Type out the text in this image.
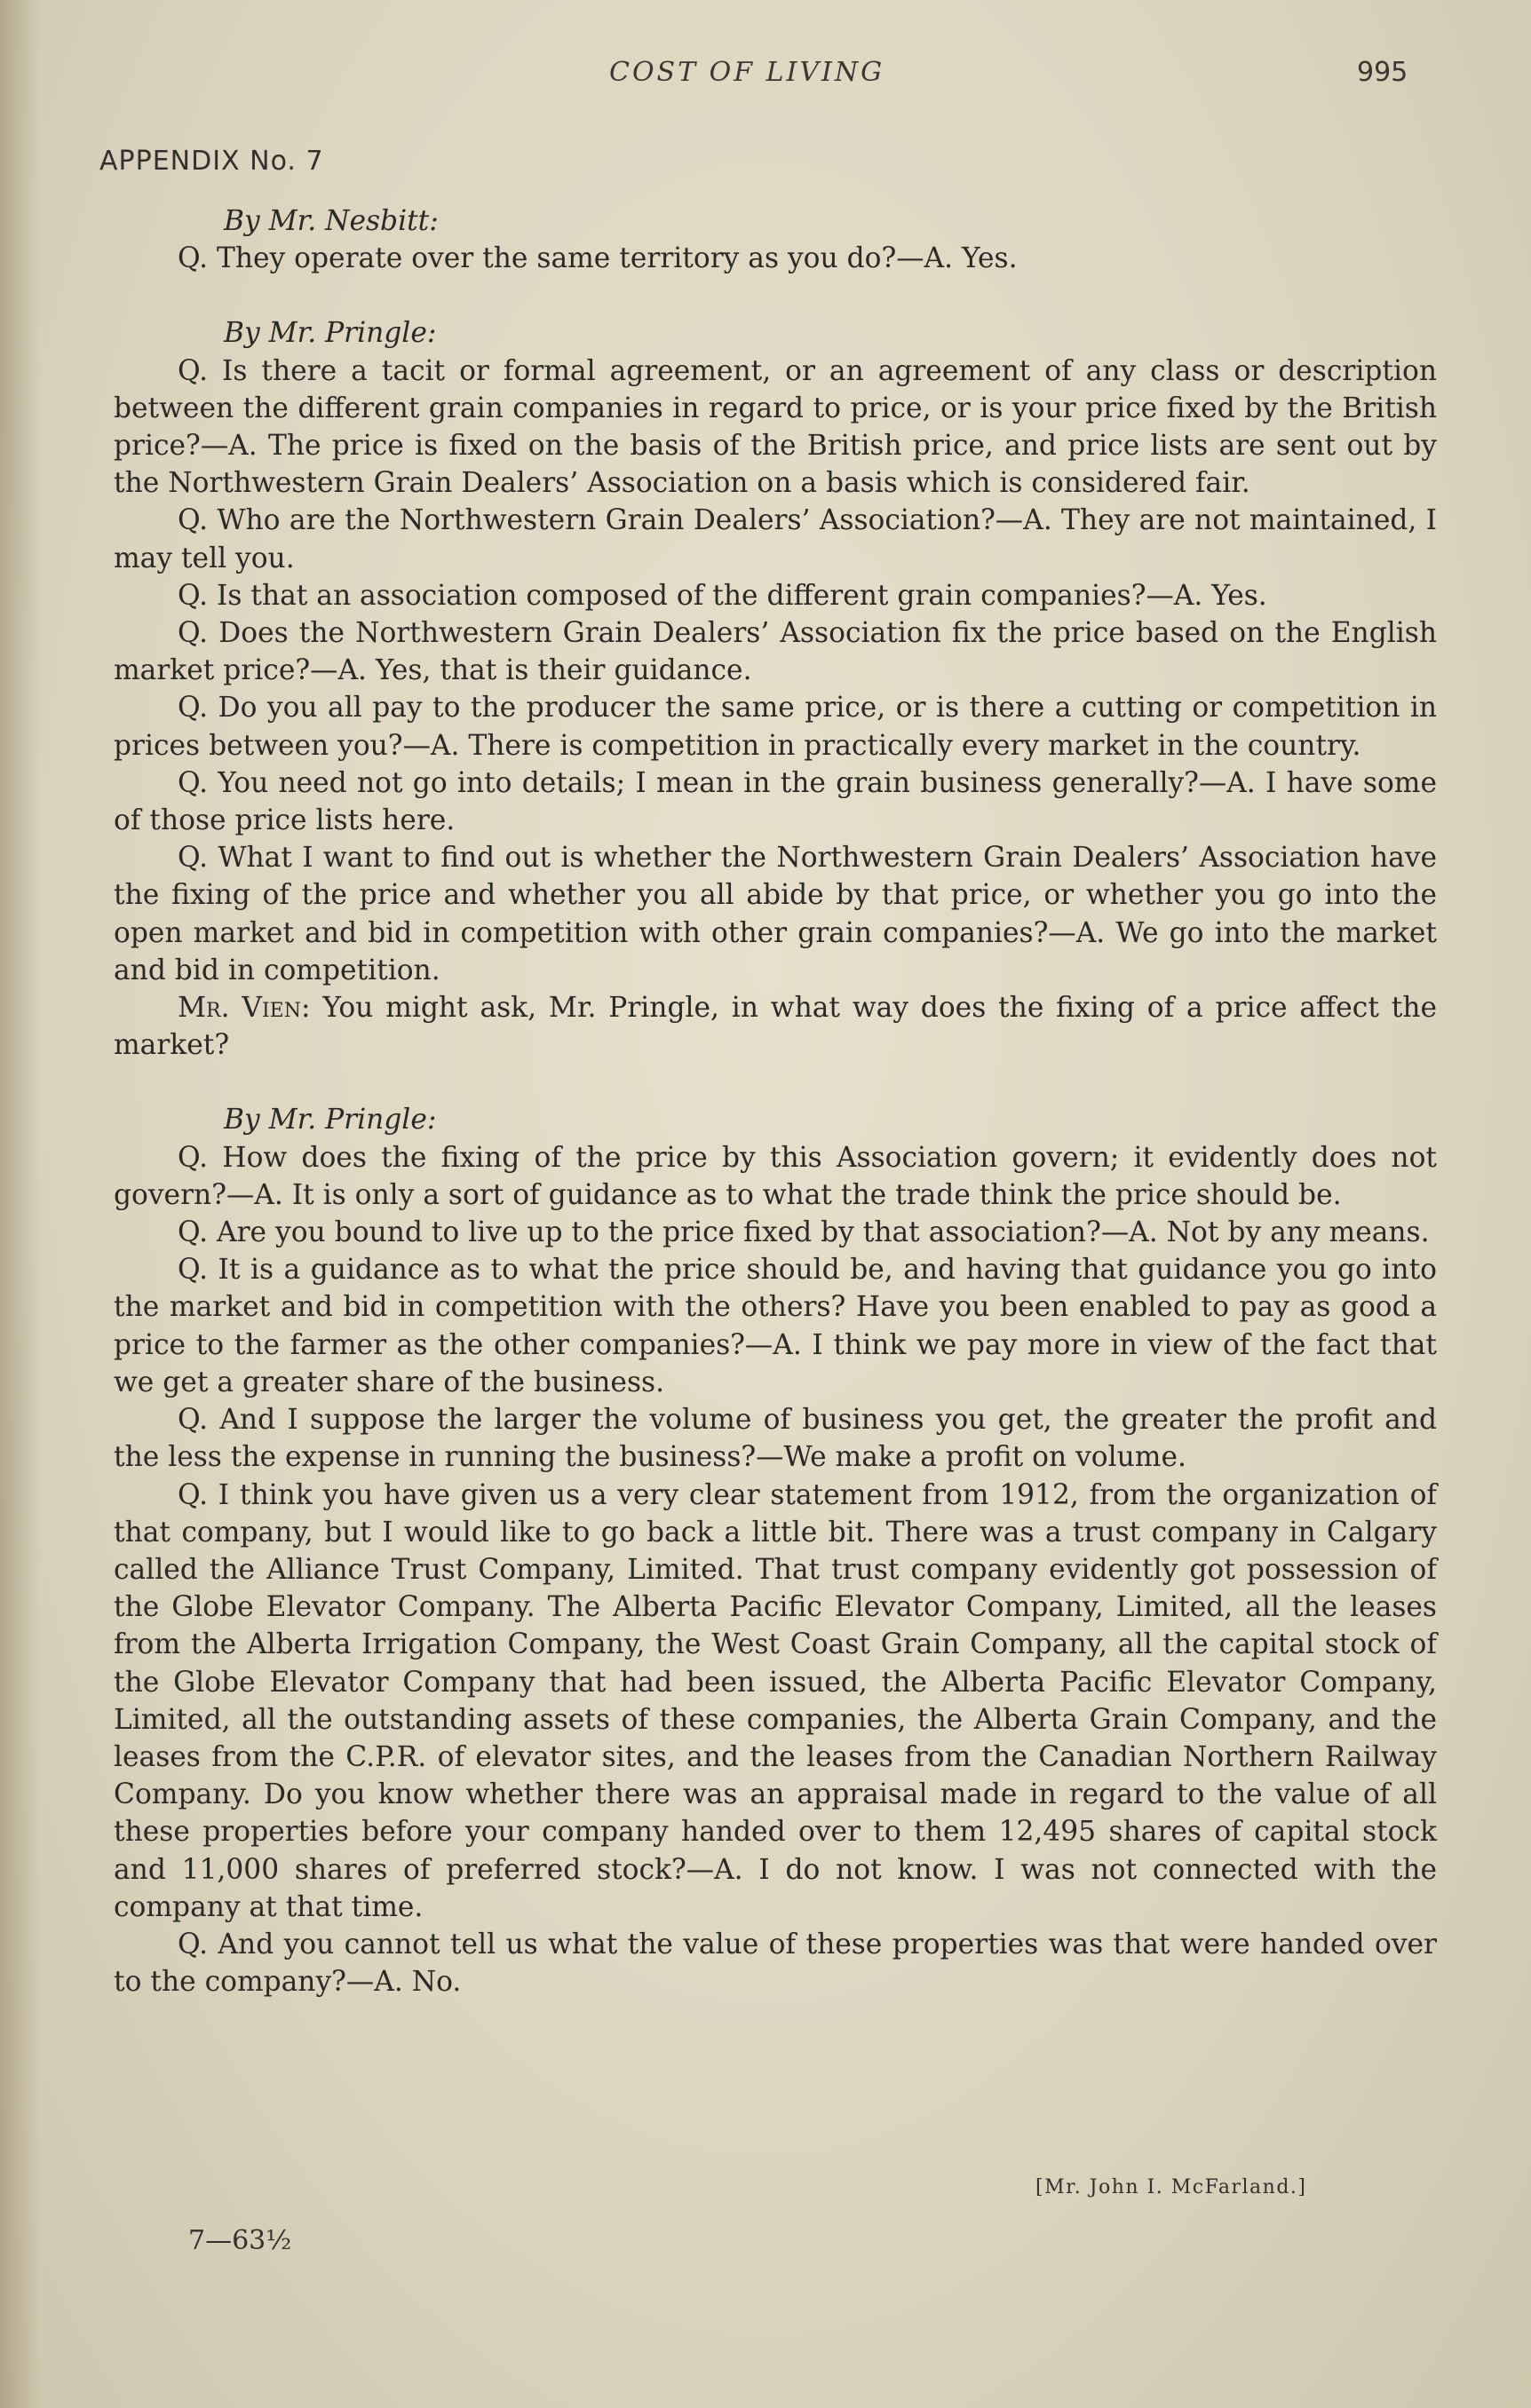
COST OF LIVING	995
APPENDIX No. 7

By Mr. Nesbitt:

Q. They operate over the same territory as you do?—A. Yes.

By Mr. Pringle:

Q. Is there a tacit or formal agreement, or an agreement of any class or description between the different grain companies in regard to price, or is your price fixed by the British price?—A. The price is fixed on the basis of the British price, and price lists are sent out by the Northwestern Grain Dealers’ Association on a basis which is considered fair.

Q. Who are the Northwestern Grain Dealers’ Association?—A. They are not maintained, I may tell you.

Q. Is that an association composed of the different grain companies?—A. Yes.

Q. Does the Northwestern Grain Dealers’ Association fix the price based on the English market price?—A. Yes, that is their guidance.

Q. Do you all pay to the producer the same price, or is there a cutting or competition in prices between you?—A. There is competition in practically every market in the country.

Q. You need not go into details; I mean in the grain business generally?—A. I have some of those price lists here.

Q. What I want to find out is whether the Northwestern Grain Dealers’ Association have the fixing of the price and whether you all abide by that price, or whether you go into the open market and bid in competition with other grain companies?—A. We go into the market and bid in competition.

Mr. Vien: You might ask, Mr. Pringle, in what way does the fixing of a price affect the market?

By Mr. Pringle:

Q. How does the fixing of the price by this Association govern; it evidently does not govern?—A. It is only a sort of guidance as to what the trade think the price should be.

Q. Are you bound to live up to the price fixed by that association?—A. Not by any means.

Q. It is a guidance as to what the price should be, and having that guidance you go into the market and bid in competition with the others? Have you been enabled to pay as good a price to the farmer as the other companies?—A. I think we pay more in view of the fact that we get a greater share of the business.

Q. And I suppose the larger the volume of business you get, the greater the profit and the less the expense in running the business?—We make a profit on volume.

Q. I think you have given us a very clear statement from 1912, from the organization of that company, but I would like to go back a little bit. There was a trust company in Calgary called the Alliance Trust Company, Limited. That trust company evidently got possession of the Globe Elevator Company. The Alberta Pacific Elevator Company, Limited, all the leases from the Alberta Irrigation Company, the West Coast Grain Company, all the capital stock of the Globe Elevator Company that had been issued, the Alberta Pacific Elevator Company, Limited, all the outstanding assets of these companies, the Alberta Grain Company, and the leases from the C.P.R. of elevator sites, and the leases from the Canadian Northern Railway Company. Do you know whether there was an appraisal made in regard to the value of all these properties before your company handed over to them 12,495 shares of capital stock and 11,000 shares of preferred stock?—A. I do not know. I was not connected with the company at that time.

Q. And you cannot tell us what the value of these properties was that were handed over to the company?—A. No.

[Mr. John I. McFarland.]
7—63½
